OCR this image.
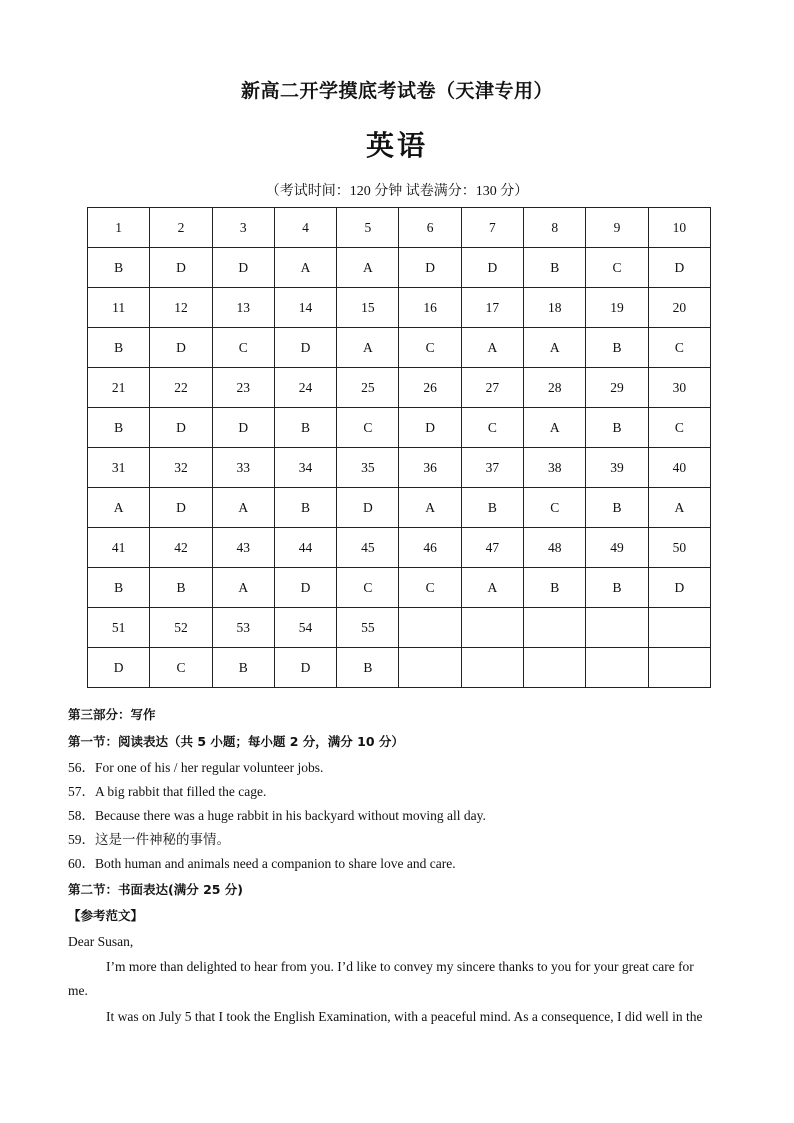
新高二开学摸底考试卷（天津专用）
英语
（考试时间：120 分钟 试卷满分：130 分）
1	2	3	4	5	6	7	8	9	10
B	D	D	A	A	D	D	B	C	D
11	12	13	14	15	16	17	18	19	20
B	D	C	D	A	C	A	A	B	C
21	22	23	24	25	26	27	28	29	30
B	D	D	B	C	D	C	A	B	C
31	32	33	34	35	36	37	38	39	40
A	D	A	B	D	A	B	C	B	A
41	42	43	44	45	46	47	48	49	50
B	B	A	D	C	C	A	B	B	D
51	52	53	54	55					
D	C	B	D	B					
第三部分：写作
第一节：阅读表达（共 5 小题；每小题 2 分，满分 10 分）
56．For one of his / her regular volunteer jobs.
57．A big rabbit that filled the cage.
58．Because there was a huge rabbit in his backyard without moving all day.
59．这是一件神秘的事情。
60．Both human and animals need a companion to share love and care.
第二节：书面表达(满分 25 分)
【参考范文】
Dear Susan,
I’m more than delighted to hear from you. I’d like to convey my sincere thanks to you for your great care for
me.
It was on July 5 that I took the English Examination, with a peaceful mind. As a consequence, I did well in the
